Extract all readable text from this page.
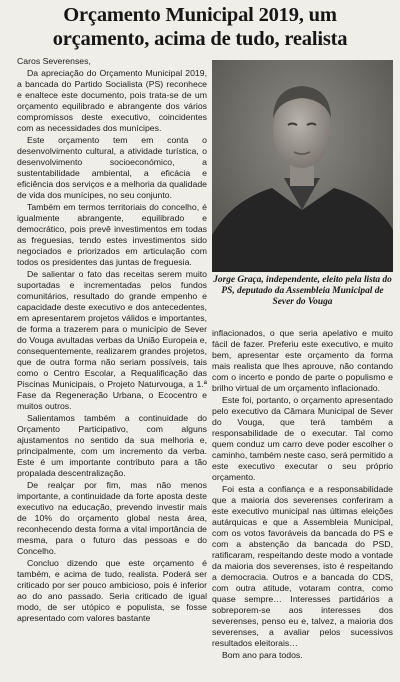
Orçamento Municipal 2019, um
orçamento, acima de tudo, realista

Caros Severenses,

Da apreciação do Orçamento Municipal 2019, a bancada do Partido Socialista (PS) reconhece e enaltece este documento, pois trata-se de um orçamento equilibrado e abrangente dos vários compromissos deste executivo, coincidentes com as necessidades dos munícipes.

Este orçamento tem em conta o desenvolvimento cultural, a atividade turística, o desenvolvimento socioeconómico, a sustentabilidade ambiental, a eficácia e eficiência dos serviços e a melhoria da qualidade de vida dos munícipes, no seu conjunto.

Também em termos territoriais do concelho, é igualmente abrangente, equilibrado e democrático, pois prevê investimentos em todas as freguesias, tendo estes investimentos sido negociados e priorizados em articulação com todos os presidentes das juntas de freguesia.

De salientar o fato das receitas serem muito suportadas e incrementadas pelos fundos comunitários, resultado do grande empenho e capacidade deste executivo e dos antecedentes, em apresentarem projetos válidos e importantes, de forma a trazerem para o município de Sever do Vouga avultadas verbas da União Europeia e, consequentemente, realizarem grandes projetos, que de outra forma não seriam possíveis, tais como o Centro Escolar, a Requalificação das Piscinas Municipais, o Projeto Naturvouga, a 1.ª Fase da Regeneração Urbana, o Ecocentro e muitos outros.

Salientamos também a continuidade do Orçamento Participativo, com alguns ajustamentos no sentido da sua melhoria e, principalmente, com um incremento da verba. Este é um importante contributo para a tão propalada descentralização.

De realçar por fim, mas não menos importante, a continuidade da forte aposta deste executivo na educação, prevendo investir mais de 10% do orçamento global nesta área, reconhecendo desta forma a vital importância de mesma, para o futuro das pessoas e do Concelho.

Concluo dizendo que este orçamento é também, e acima de tudo, realista. Poderá ser criticado por ser pouco ambicioso, pois é inferior ao do ano passado. Seria criticado de igual modo, de ser utópico e populista, se fosse apresentado com valores bastante

Jorge Graça, independente, eleito pela lista do PS, deputado da Assembleia Municipal de Sever do Vouga

inflacionados, o que seria apelativo e muito fácil de fazer. Preferiu este executivo, e muito bem, apresentar este orçamento da forma mais realista que lhes aprouve, não contando com o incerto e pondo de parte o populismo e brilho virtual de um orçamento inflacionado.

Este foi, portanto, o orçamento apresentado pelo executivo da Câmara Municipal de Sever do Vouga, que terá também a responsabilidade de o executar. Tal como quem conduz um carro deve poder escolher o caminho, também neste caso, será permitido a este executivo executar o seu próprio orçamento.

Foi esta a confiança e a responsabilidade que a maioria dos severenses conferiram a este executivo municipal nas últimas eleições autárquicas e que a Assembleia Municipal, com os votos favoráveis da bancada do PS e com a abstenção da bancada do PSD, ratificaram, respeitando deste modo a vontade da maioria dos severenses, isto é respeitando a democracia. Outros e a bancada do CDS, com outra atitude, votaram contra, como quase sempre… Interesses partidários a sobreporem-se aos interesses dos severenses, penso eu e, talvez, a maioria dos severenses, a avaliar pelos sucessivos resultados eleitorais…

Bom ano para todos.
